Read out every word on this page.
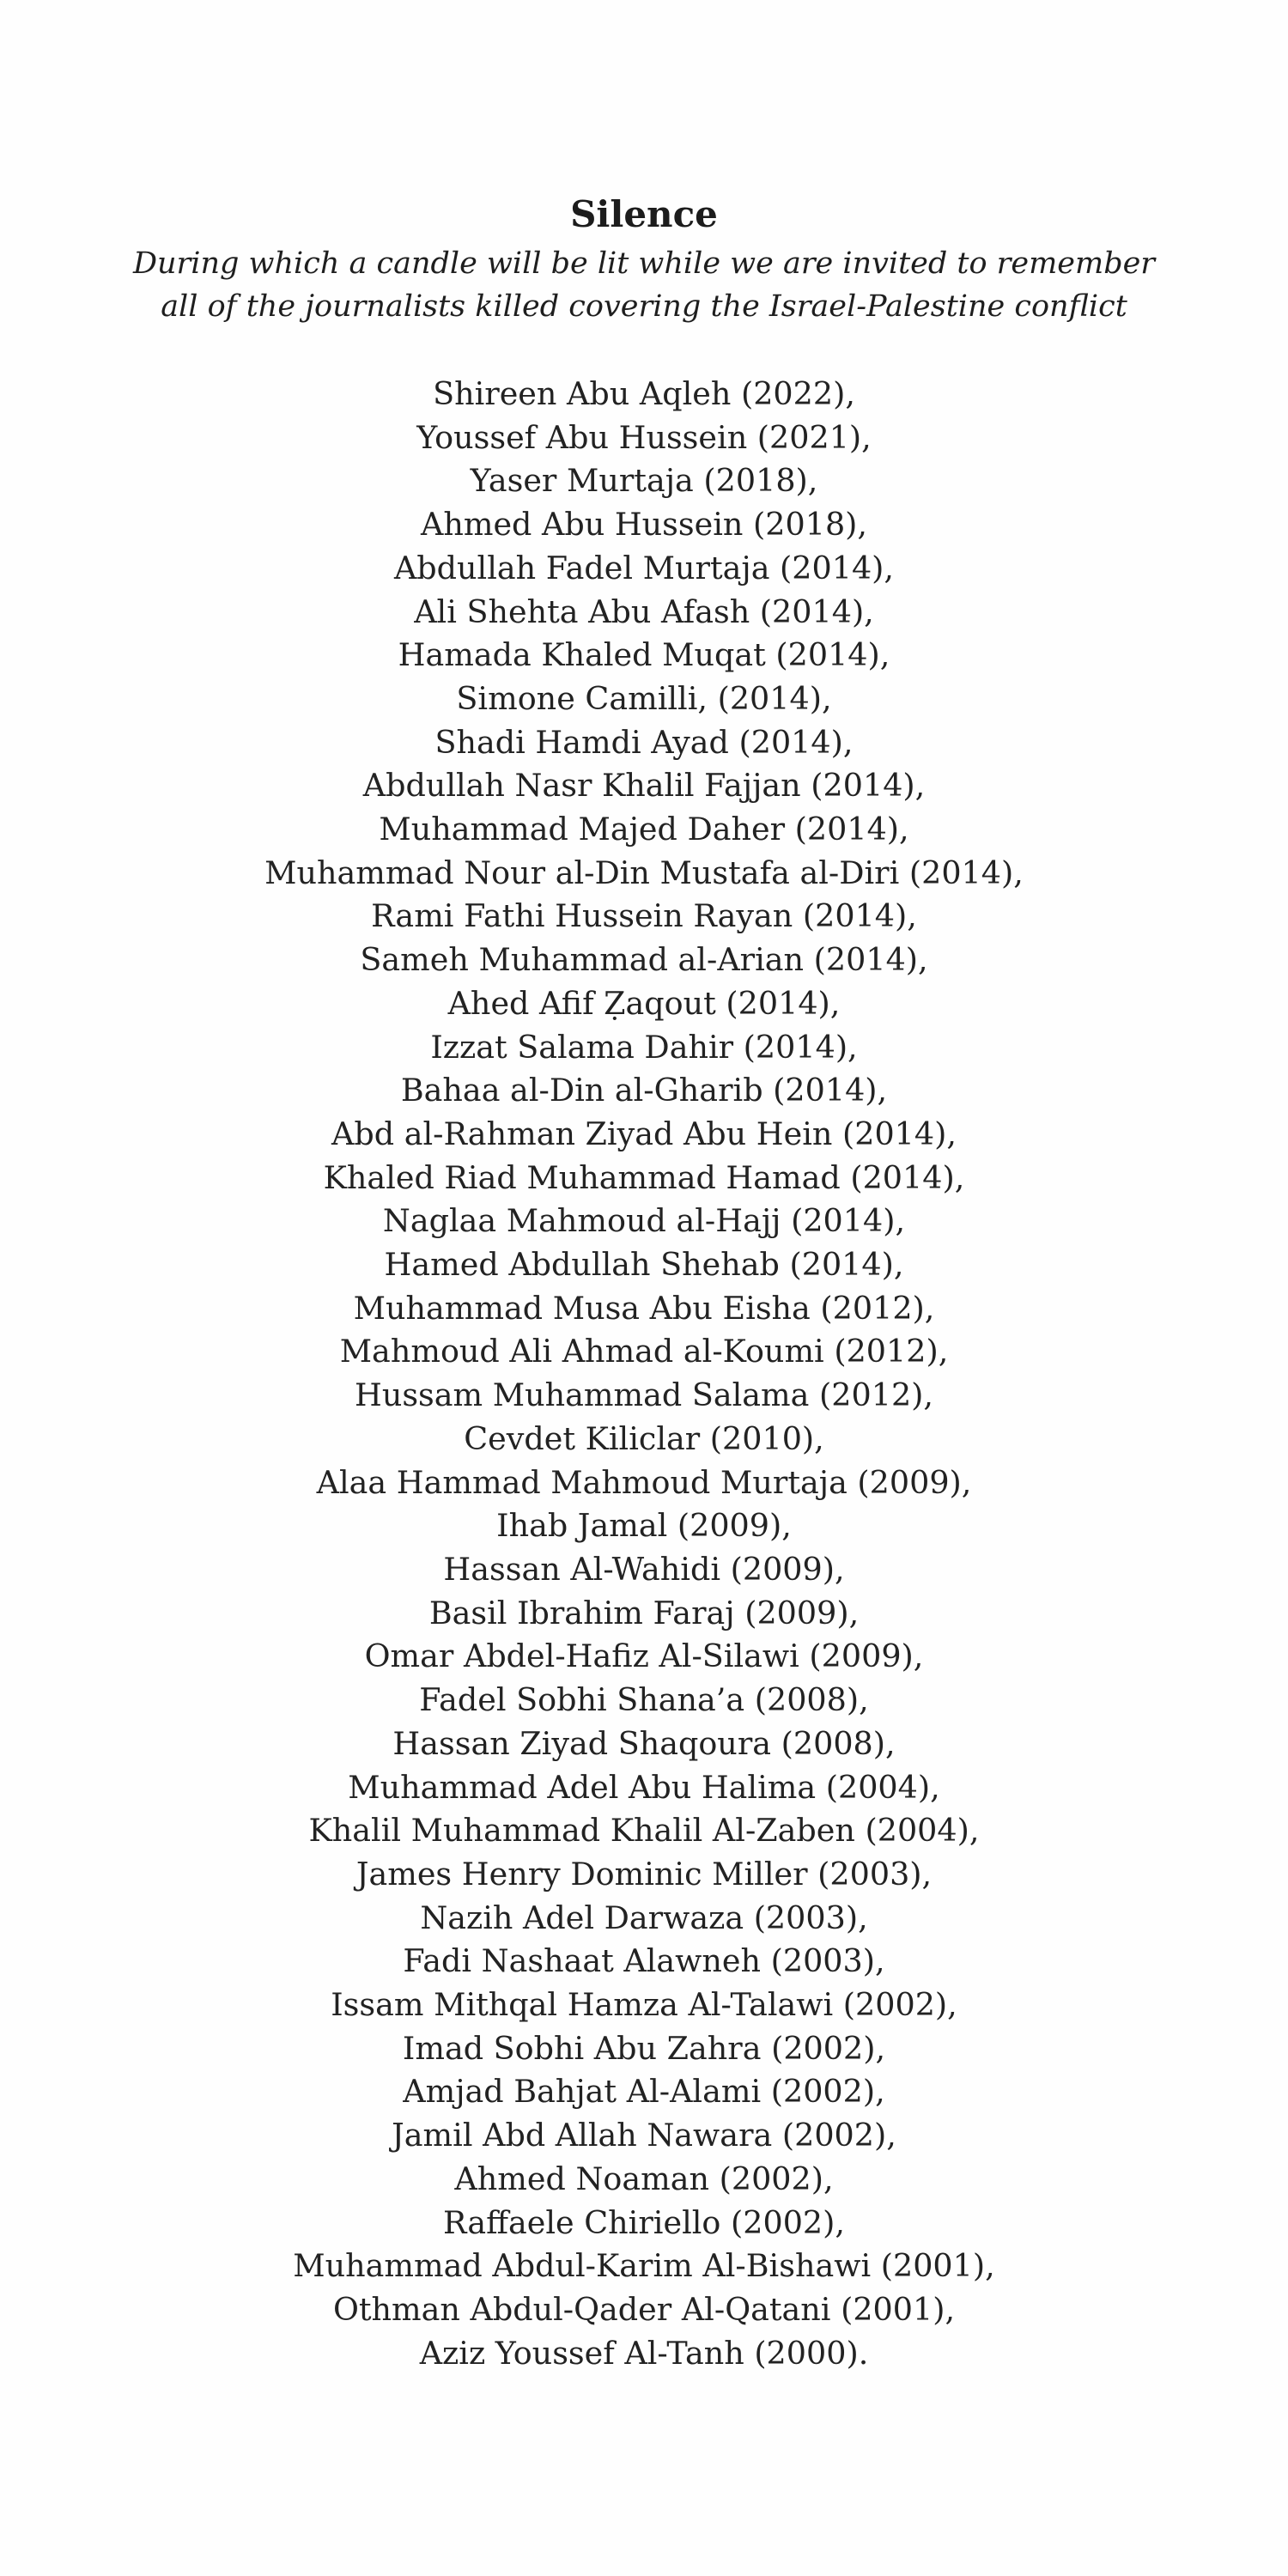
Silence

During which a candle will be lit while we are invited to remember
all of the journalists killed covering the Israel-Palestine conflict

Shireen Abu Aqleh (2022),
Youssef Abu Hussein (2021),
Yaser Murtaja (2018),
Ahmed Abu Hussein (2018),
Abdullah Fadel Murtaja (2014),
Ali Shehta Abu Afash (2014),
Hamada Khaled Muqat (2014),
Simone Camilli, (2014),
Shadi Hamdi Ayad (2014),
Abdullah Nasr Khalil Fajjan (2014),
Muhammad Majed Daher (2014),
Muhammad Nour al-Din Mustafa al-Diri (2014),
Rami Fathi Hussein Rayan (2014),
Sameh Muhammad al-Arian (2014),
Ahed Afif Ẓaqout (2014),
Izzat Salama Dahir (2014),
Bahaa al-Din al-Gharib (2014),
Abd al-Rahman Ziyad Abu Hein (2014),
Khaled Riad Muhammad Hamad (2014),
Naglaa Mahmoud al-Hajj (2014),
Hamed Abdullah Shehab (2014),
Muhammad Musa Abu Eisha (2012),
Mahmoud Ali Ahmad al-Koumi (2012),
Hussam Muhammad Salama (2012),
Cevdet Kiliclar (2010),
Alaa Hammad Mahmoud Murtaja (2009),
Ihab Jamal (2009),
Hassan Al-Wahidi (2009),
Basil Ibrahim Faraj (2009),
Omar Abdel-Hafiz Al-Silawi (2009),
Fadel Sobhi Shana’a (2008),
Hassan Ziyad Shaqoura (2008),
Muhammad Adel Abu Halima (2004),
Khalil Muhammad Khalil Al-Zaben (2004),
James Henry Dominic Miller (2003),
Nazih Adel Darwaza (2003),
Fadi Nashaat Alawneh (2003),
Issam Mithqal Hamza Al-Talawi (2002),
Imad Sobhi Abu Zahra (2002),
Amjad Bahjat Al-Alami (2002),
Jamil Abd Allah Nawara (2002),
Ahmed Noaman (2002),
Raffaele Chiriello (2002),
Muhammad Abdul-Karim Al-Bishawi (2001),
Othman Abdul-Qader Al-Qatani (2001),
Aziz Youssef Al-Tanh (2000).
